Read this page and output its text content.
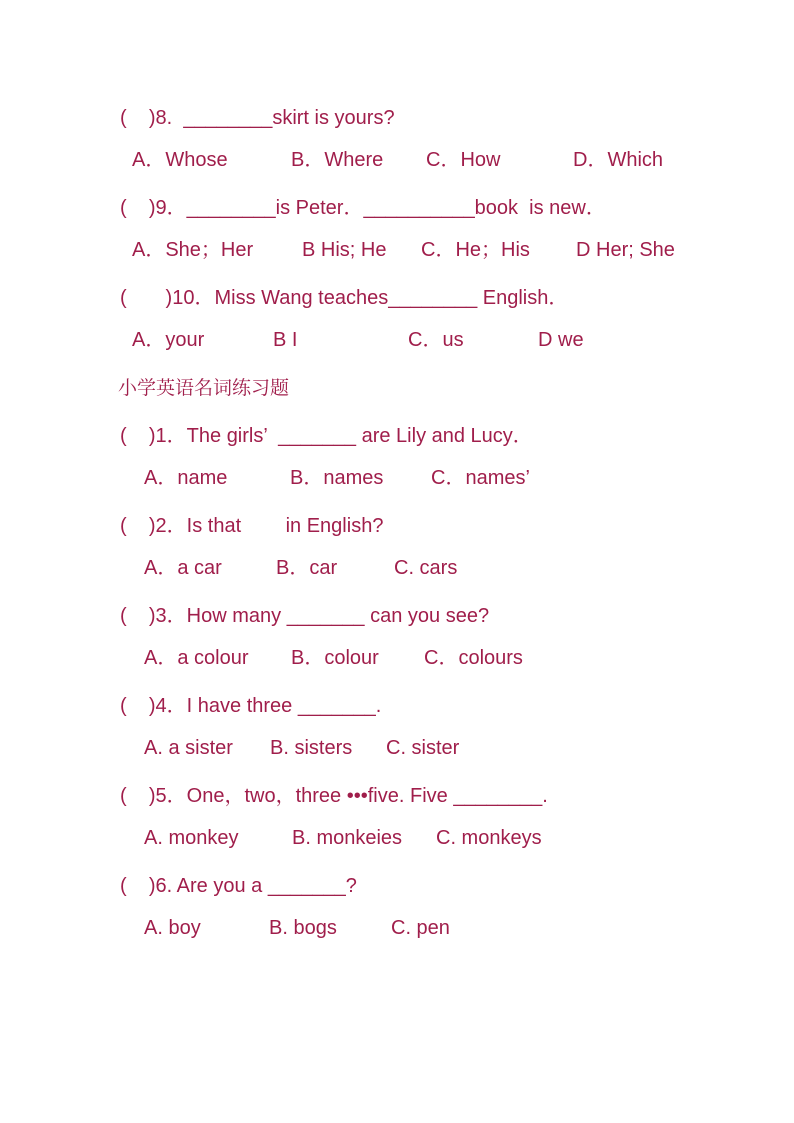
(    )8.  ________skirt is yours?
A．Whose	B．Where C．How	D．Which
(    )9．________is Peter．__________book  is new．
A．She；Her B His; He C．He；His D Her; She
(       )10．Miss Wang teaches________ English．
A．your	B I	C．us	D we
小学英语名词练习题
(    )1．The girls’  _______ are Lily and Lucy．
A．name	B．names C．names’
(    )2．Is that        in English?
A．a car	B．car	C. cars
(    )3．How many _______ can you see?
A．a colour B．colour C．colours
(    )4．I have three _______.
A. a sister B. sisters C. sister
(    )5．One，two，three •••five. Five ________.
A. monkey	B. monkeies C. monkeys
(    )6. Are you a _______?
A. boy	B. bogs	C. pen
